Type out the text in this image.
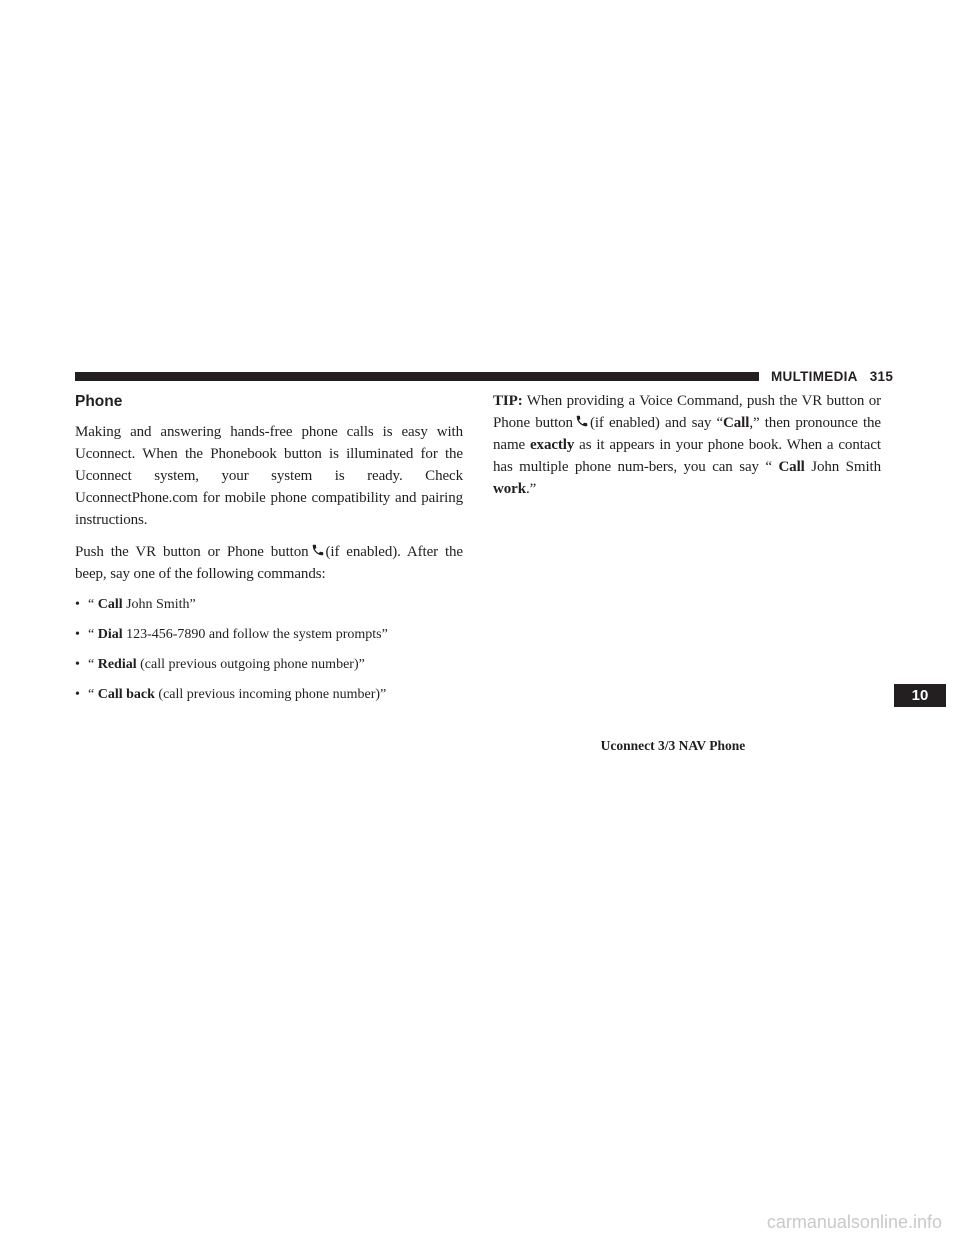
MULTIMEDIA 315
Phone

Making and answering hands-free phone calls is easy with Uconnect. When the Phonebook button is illuminated for the Uconnect system, your system is ready. Check UconnectPhone.com for mobile phone compatibility and pairing instructions.

Push the VR button or Phone button (if enabled). After the beep, say one of the following commands:

• “ Call John Smith”
• “ Dial 123-456-7890 and follow the system prompts”
• “ Redial (call previous outgoing phone number)”
• “ Call back (call previous incoming phone number)”

TIP: When providing a Voice Command, push the VR button or Phone button (if enabled) and say “Call,” then pronounce the name exactly as it appears in your phone book. When a contact has multiple phone num-bers, you can say “ Call John Smith work.”

Uconnect 3/3 NAV Phone
10
carmanualsonline.info
